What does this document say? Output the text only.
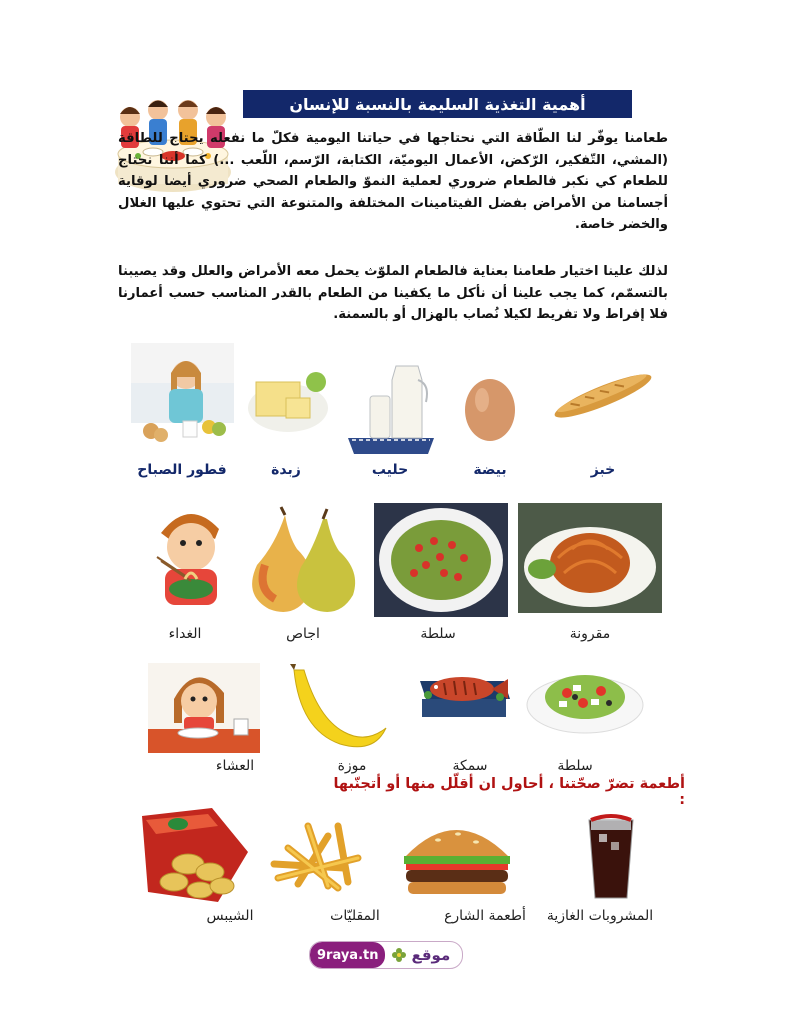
أهمية التغذية السليمة بالنسبة للإنسان
طعامنا يوفّر لنا الطّاقة التي نحتاجها في حياتنا اليومية فكلّ ما نفعله يحتاج للطاقة (المشي، التّفكير، الرّكض، الأعمال اليوميّة، الكتابة، الرّسم، اللّعب ...) كما أننا نحتاج للطعام كي نكبر فالطعام ضروري لعملية النموّ والطعام الصحي ضروري أيضا لوقاية أجسامنا من الأمراض بفضل الفيتامينات المختلفة والمتنوعة التي تحتوي عليها الغلال والخضر خاصة.
لذلك علينا اختيار طعامنا بعناية فالطعام الملوّث يحمل معه الأمراض والعلل وقد يصيبنا بالتسمّم، كما يجب علينا أن نأكل ما يكفينا من الطعام بالقدر المناسب حسب أعمارنا فلا إفراط ولا تفريط لكيلا نُصاب بالهزال أو بالسمنة.
خبز
بيضة
حليب
زبدة
فطور الصباح
مقرونة
سلطة
اجاص
الغداء
سلطة
سمكة
موزة
العشاء
أطعمة تضرّ صحّتنا ، أحاول ان أقلّل منها أو أتجنّبها :
المشروبات الغازية
أطعمة الشارع
المقليّات
الشيبس
9raya.tn	موقع
